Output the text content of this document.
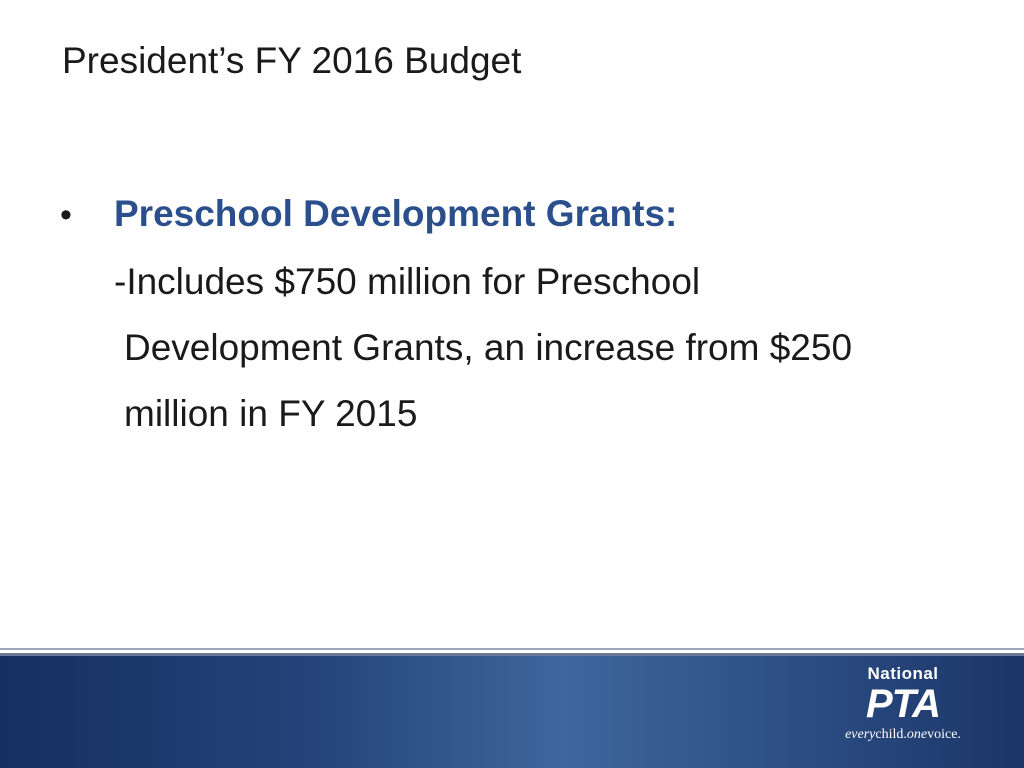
President’s FY 2016 Budget
•	Preschool Development Grants:
-Includes $750 million for Preschool
Development Grants, an increase from $250
million in FY 2015
National
PTA
everychild.onevoice.
